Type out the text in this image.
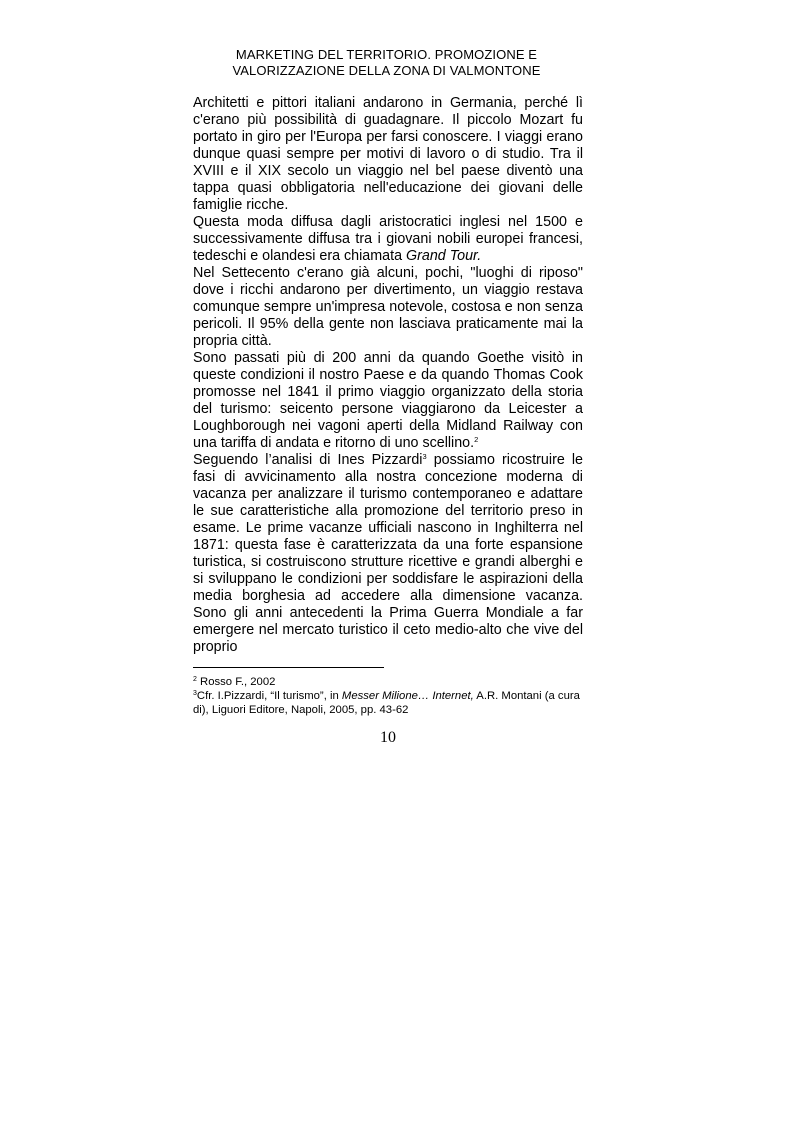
MARKETING DEL TERRITORIO. PROMOZIONE E
VALORIZZAZIONE DELLA ZONA DI VALMONTONE

Architetti e pittori italiani andarono in Germania, perché lì c'erano più possibilità di guadagnare. Il piccolo Mozart fu portato in giro per l'Europa per farsi conoscere. I viaggi erano dunque quasi sempre per motivi di lavoro o di studio. Tra il XVIII e il XIX secolo un viaggio nel bel paese diventò una tappa quasi obbligatoria nell'educazione dei giovani delle famiglie ricche.

Questa moda diffusa dagli aristocratici inglesi nel 1500 e successivamente diffusa tra i giovani nobili europei francesi, tedeschi e olandesi era chiamata Grand Tour.

Nel Settecento c'erano già alcuni, pochi, "luoghi di riposo" dove i ricchi andarono per divertimento, un viaggio restava comunque sempre un'impresa notevole, costosa e non senza pericoli. Il 95% della gente non lasciava praticamente mai la propria città.

Sono passati più di 200 anni da quando Goethe visitò in queste condizioni il nostro Paese e da quando Thomas Cook promosse nel 1841 il primo viaggio organizzato della storia del turismo: seicento persone viaggiarono da Leicester a Loughborough nei vagoni aperti della Midland Railway con una tariffa di andata e ritorno di uno scellino.$^2$

Seguendo l’analisi di Ines Pizzardi$^3$ possiamo ricostruire le fasi di avvicinamento alla nostra concezione moderna di vacanza per analizzare il turismo contemporaneo e adattare le sue caratteristiche alla promozione del territorio preso in esame. Le prime vacanze ufficiali nascono in Inghilterra nel 1871: questa fase è caratterizzata da una forte espansione turistica, si costruiscono strutture ricettive e grandi alberghi e si sviluppano le condizioni per soddisfare le aspirazioni della media borghesia ad accedere alla dimensione vacanza. Sono gli anni antecedenti la Prima Guerra Mondiale a far emergere nel mercato turistico il ceto medio-alto che vive del proprio

$^2$ Rosso F., 2002

$^3$Cfr. I.Pizzardi, “Il turismo”, in Messer Milione… Internet, A.R. Montani (a cura di), Liguori Editore, Napoli, 2005, pp. 43-62

10
